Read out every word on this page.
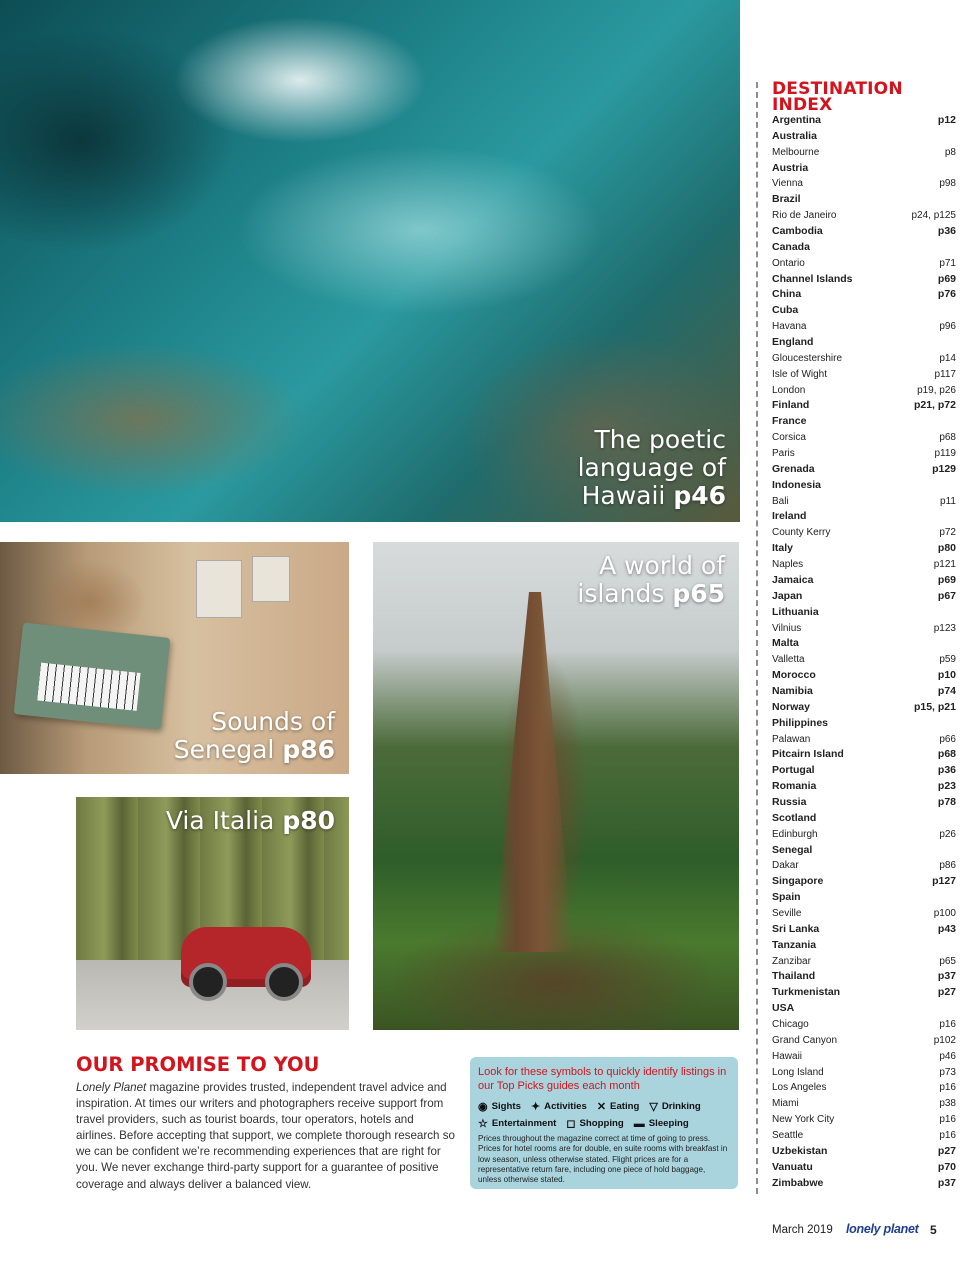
The poetic
language of
Hawaii p46
Sounds of
Senegal p86
Via Italia p80
A world of
islands p65
DESTINATION INDEX
Argentina	p12
Australia
Melbourne	p8
Austria
Vienna	p98
Brazil
Rio de Janeiro	p24, p125
Cambodia	p36
Canada
Ontario	p71
Channel Islands	p69
China	p76
Cuba
Havana	p96
England
Gloucestershire	p14
Isle of Wight	p117
London	p19, p26
Finland	p21, p72
France
Corsica	p68
Paris	p119
Grenada	p129
Indonesia
Bali	p11
Ireland
County Kerry	p72
Italy	p80
Naples	p121
Jamaica	p69
Japan	p67
Lithuania
Vilnius	p123
Malta
Valletta	p59
Morocco	p10
Namibia	p74
Norway	p15, p21
Philippines
Palawan	p66
Pitcairn Island	p68
Portugal	p36
Romania	p23
Russia	p78
Scotland
Edinburgh	p26
Senegal
Dakar	p86
Singapore	p127
Spain
Seville	p100
Sri Lanka	p43
Tanzania
Zanzibar	p65
Thailand	p37
Turkmenistan	p27
USA
Chicago	p16
Grand Canyon	p102
Hawaii	p46
Long Island	p73
Los Angeles	p16
Miami	p38
New York City	p16
Seattle	p16
Uzbekistan	p27
Vanuatu	p70
Zimbabwe	p37
OUR PROMISE TO YOU

Lonely Planet magazine provides trusted, independent travel advice and inspiration. At times our writers and photographers receive support from travel providers, such as tourist boards, tour operators, hotels and airlines. Before accepting that support, we complete thorough research so we can be confident we’re recommending experiences that are right for you. We never exchange third-party support for a guarantee of positive coverage and always deliver a balanced view.

Look for these symbols to quickly identify listings in our Top Picks guides each month

◉ Sights ✦ Activities ✕ Eating ▽ Drinking
☆ Entertainment ◻ Shopping ▬ Sleeping

Prices throughout the magazine correct at time of going to press. Prices for hotel rooms are for double, en suite rooms with breakfast in low season, unless otherwise stated. Flight prices are for a representative return fare, including one piece of hold baggage, unless otherwise stated.

March 2019 lonely planet 5
